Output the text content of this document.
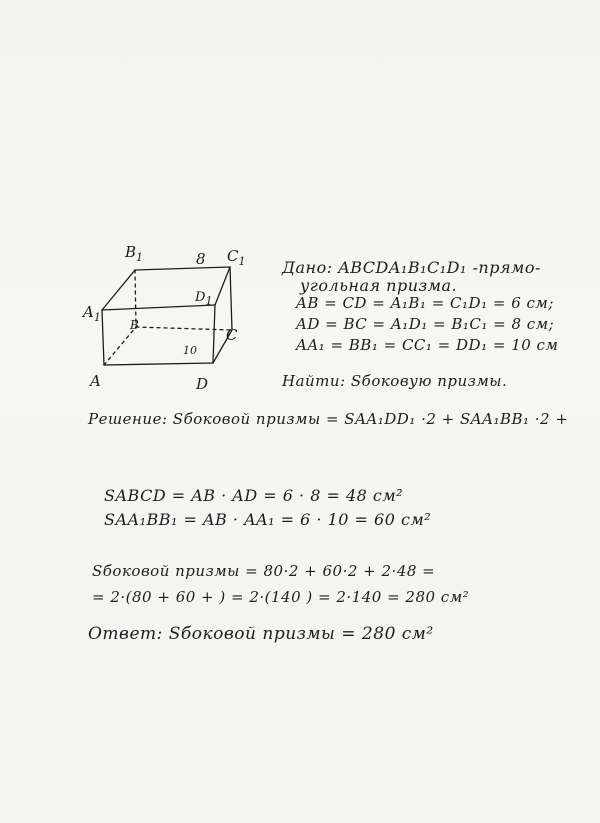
$B_1$	8 $C_1$
$D_1$
$A_1$
B
C
10
A	D
Дано: ABCDA₁B₁C₁D₁ -прямо-
угольная призма.
AB = CD = A₁B₁ = C₁D₁ = 6 см;
AD = BC = A₁D₁ = B₁C₁ = 8 см;
AA₁ = BB₁ = CC₁ = DD₁ = 10 см
Найти: Sбоковую призмы.
Решение: Sбоковой призмы = SAA₁DD₁ ·2 + SAA₁BB₁ ·2 +
SABCD = AB · AD = 6 · 8 = 48 см²
SAA₁BB₁ = AB · AA₁ = 6 · 10 = 60 см²
Sбоковой призмы = 80·2 + 60·2 + 2·48 =
= 2·(80 + 60 + ) = 2·(140 ) = 2·140 = 280 см²
Ответ: Sбоковой призмы = 280 см²
